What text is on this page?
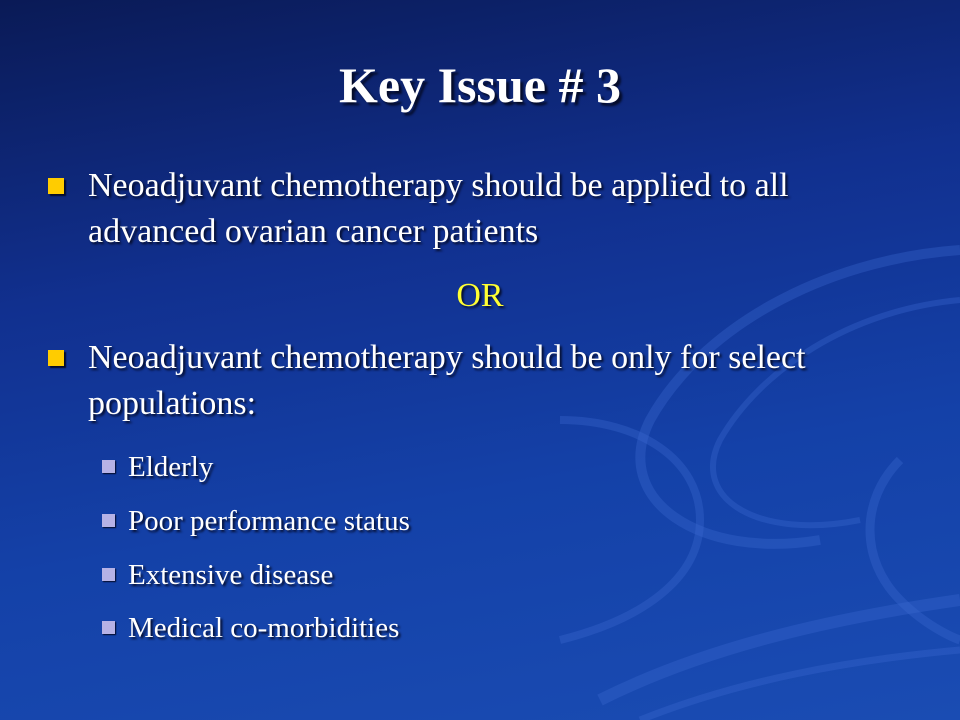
Key Issue # 3
Neoadjuvant chemotherapy should be applied to all advanced ovarian cancer patients
OR
Neoadjuvant chemotherapy should be only for select populations:
Elderly
Poor performance status
Extensive disease
Medical co-morbidities
